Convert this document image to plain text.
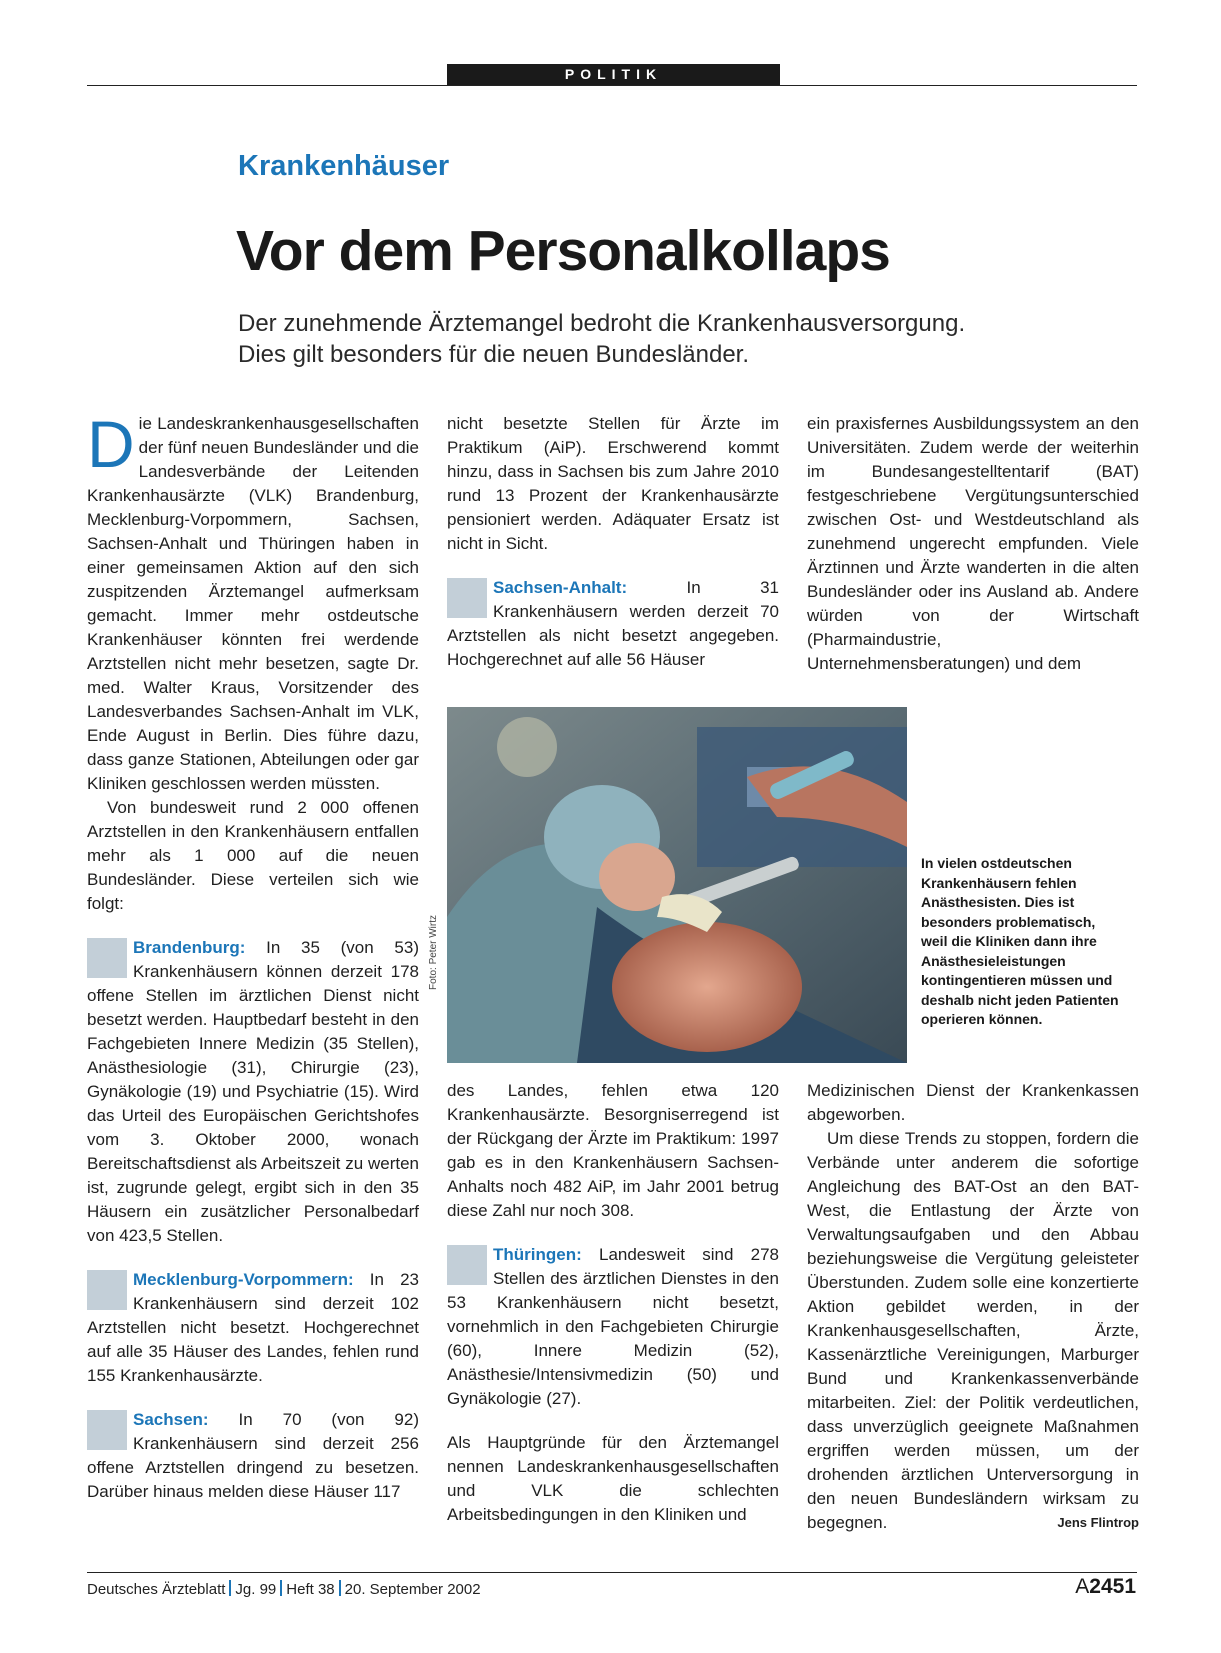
POLITIK
Krankenhäuser
Vor dem Personalkollaps
Der zunehmende Ärztemangel bedroht die Krankenhausversorgung.
Dies gilt besonders für die neuen Bundesländer.

Die Landeskrankenhausgesellschaften der fünf neuen Bundesländer und die Landesverbände der Leitenden Krankenhausärzte (VLK) Brandenburg, Mecklenburg-Vorpommern, Sachsen, Sachsen-Anhalt und Thüringen haben in einer gemeinsamen Aktion auf den sich zuspitzenden Ärztemangel aufmerksam gemacht. Immer mehr ostdeutsche Krankenhäuser könnten frei werdende Arztstellen nicht mehr besetzen, sagte Dr. med. Walter Kraus, Vorsitzender des Landesverbandes Sachsen-Anhalt im VLK, Ende August in Berlin. Dies führe dazu, dass ganze Stationen, Abteilungen oder gar Kliniken geschlossen werden müssten.

Von bundesweit rund 2 000 offenen Arztstellen in den Krankenhäusern entfallen mehr als 1 000 auf die neuen Bundesländer. Diese verteilen sich wie folgt:

Brandenburg: In 35 (von 53) Krankenhäusern können derzeit 178 offene Stellen im ärztlichen Dienst nicht besetzt werden. Hauptbedarf besteht in den Fachgebieten Innere Medizin (35 Stellen), Anästhesiologie (31), Chirurgie (23), Gynäkologie (19) und Psychiatrie (15). Wird das Urteil des Europäischen Gerichtshofes vom 3. Oktober 2000, wonach Bereitschaftsdienst als Arbeitszeit zu werten ist, zugrunde gelegt, ergibt sich in den 35 Häusern ein zusätzlicher Personalbedarf von 423,5 Stellen.

Mecklenburg-Vorpommern: In 23 Krankenhäusern sind derzeit 102 Arztstellen nicht besetzt. Hochgerechnet auf alle 35 Häuser des Landes, fehlen rund 155 Krankenhausärzte.

Sachsen: In 70 (von 92) Krankenhäusern sind derzeit 256 offene Arztstellen dringend zu besetzen. Darüber hinaus melden diese Häuser 117

nicht besetzte Stellen für Ärzte im Praktikum (AiP). Erschwerend kommt hinzu, dass in Sachsen bis zum Jahre 2010 rund 13 Prozent der Krankenhausärzte pensioniert werden. Adäquater Ersatz ist nicht in Sicht.

Sachsen-Anhalt: In 31 Krankenhäusern werden derzeit 70 Arztstellen als nicht besetzt angegeben. Hochgerechnet auf alle 56 Häuser

ein praxisfernes Ausbildungssystem an den Universitäten. Zudem werde der weiterhin im Bundesangestelltentarif (BAT) festgeschriebene Vergütungsunterschied zwischen Ost- und Westdeutschland als zunehmend ungerecht empfunden. Viele Ärztinnen und Ärzte wanderten in die alten Bundesländer oder ins Ausland ab. Andere würden von der Wirtschaft (Pharmaindustrie, Unternehmensberatungen) und dem

Foto: Peter Wirtz
In vielen ostdeutschen Krankenhäusern fehlen Anästhesisten. Dies ist besonders problematisch, weil die Kliniken dann ihre Anästhesieleistungen kontingentieren müssen und deshalb nicht jeden Patienten operieren können.

des Landes, fehlen etwa 120 Krankenhausärzte. Besorgniserregend ist der Rückgang der Ärzte im Praktikum: 1997 gab es in den Krankenhäusern Sachsen-Anhalts noch 482 AiP, im Jahr 2001 betrug diese Zahl nur noch 308.

Thüringen: Landesweit sind 278 Stellen des ärztlichen Dienstes in den 53 Krankenhäusern nicht besetzt, vornehmlich in den Fachgebieten Chirurgie (60), Innere Medizin (52), Anästhesie/Intensivmedizin (50) und Gynäkologie (27).

Als Hauptgründe für den Ärztemangel nennen Landeskrankenhausgesellschaften und VLK die schlechten Arbeitsbedingungen in den Kliniken und

Medizinischen Dienst der Krankenkassen abgeworben.

Um diese Trends zu stoppen, fordern die Verbände unter anderem die sofortige Angleichung des BAT-Ost an den BAT-West, die Entlastung der Ärzte von Verwaltungsaufgaben und den Abbau beziehungsweise die Vergütung geleisteter Überstunden. Zudem solle eine konzertierte Aktion gebildet werden, in der Krankenhausgesellschaften, Ärzte, Kassenärztliche Vereinigungen, Marburger Bund und Krankenkassenverbände mitarbeiten. Ziel: der Politik verdeutlichen, dass unverzüglich geeignete Maßnahmen ergriffen werden müssen, um der drohenden ärztlichen Unterversorgung in den neuen Bundesländern wirksam zu begegnen.	Jens Flintrop

Deutsches Ärzteblatt Jg. 99 Heft 38 20. September 2002	A2451
